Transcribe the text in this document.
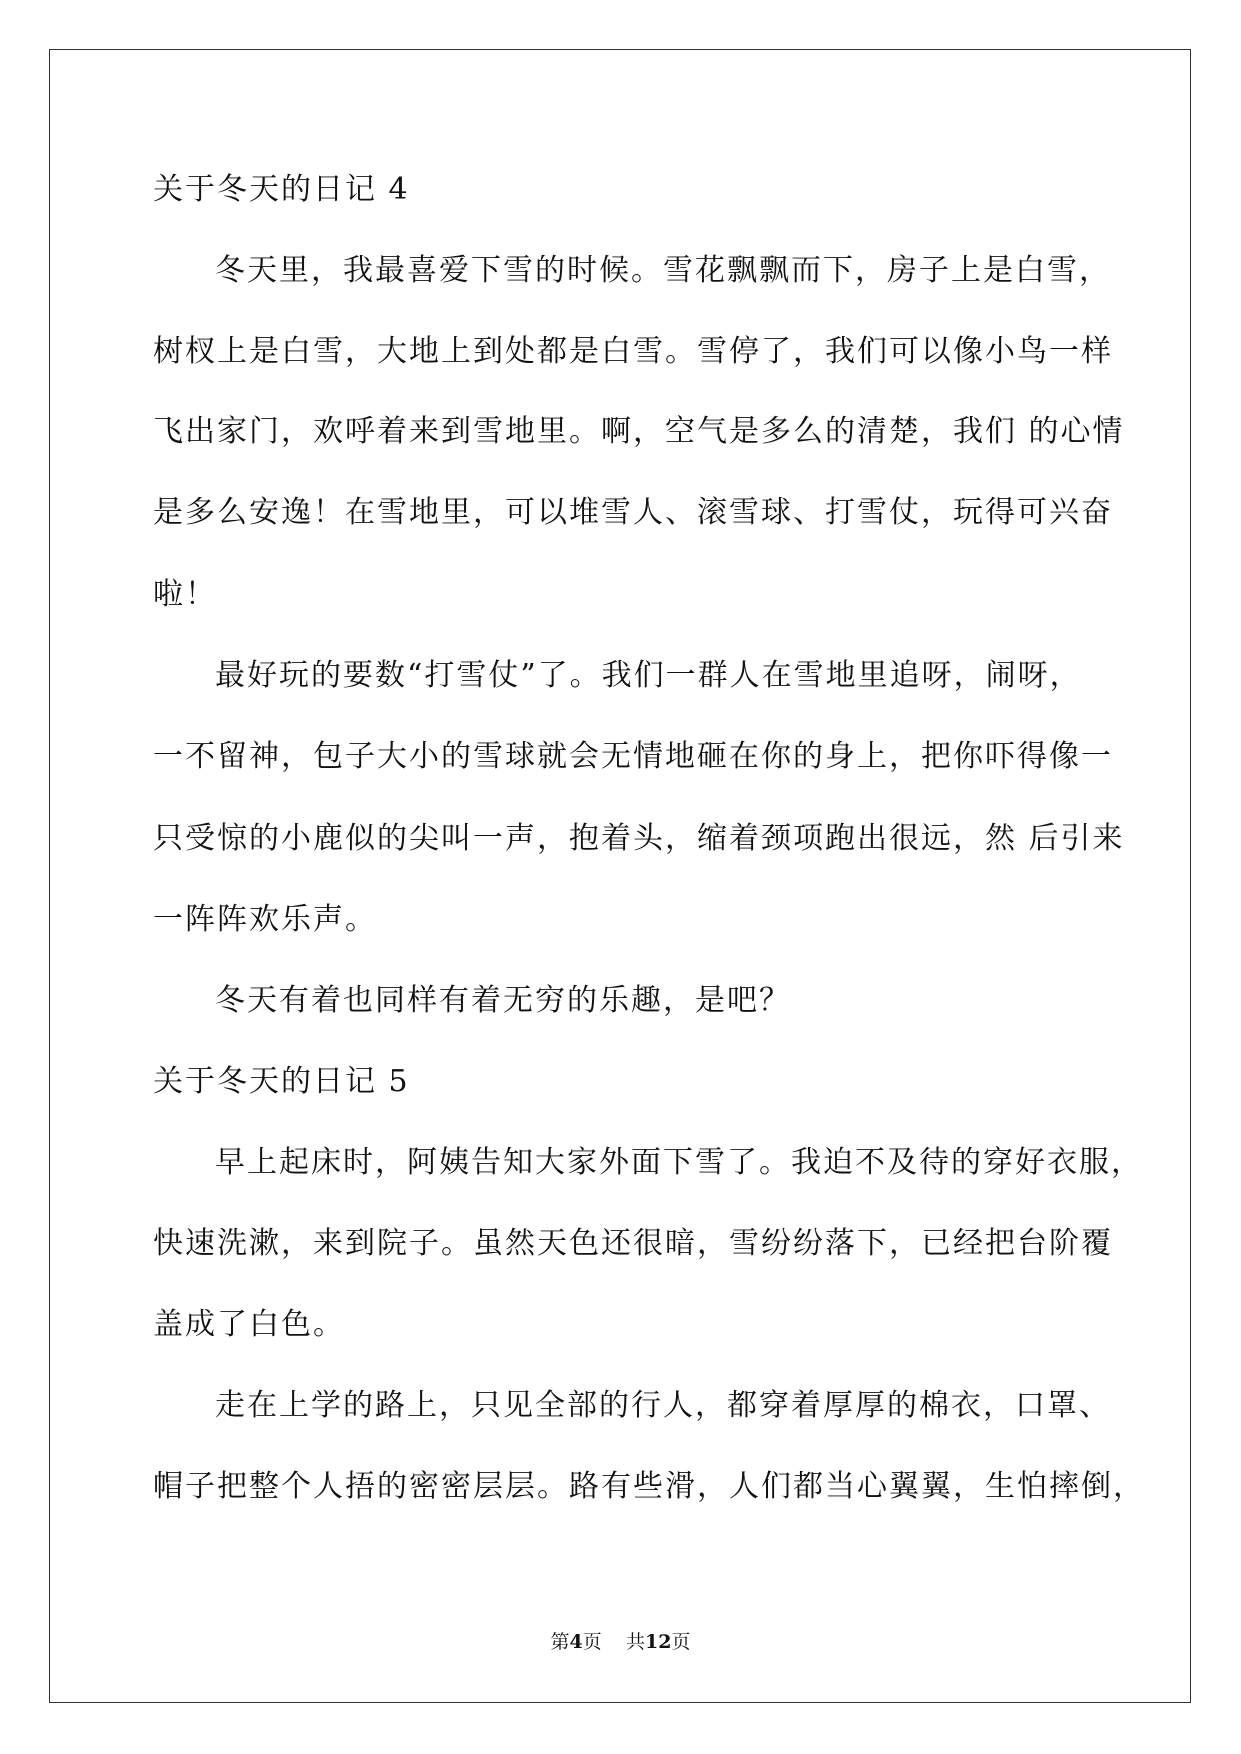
关于冬天的日记 4
冬天里，我最喜爱下雪的时候。雪花飘飘而下，房子上是白雪，
树杈上是白雪，大地上到处都是白雪。雪停了，我们可以像小鸟一样
飞出家门，欢呼着来到雪地里。啊，空气是多么的清楚，我们 的心情
是多么安逸！在雪地里，可以堆雪人、滚雪球、打雪仗，玩得可兴奋
啦！
最好玩的要数“打雪仗”了。我们一群人在雪地里追呀，闹呀，
一不留神，包子大小的雪球就会无情地砸在你的身上，把你吓得像一
只受惊的小鹿似的尖叫一声，抱着头，缩着颈项跑出很远，然 后引来
一阵阵欢乐声。
冬天有着也同样有着无穷的乐趣，是吧？
关于冬天的日记 5
早上起床时，阿姨告知大家外面下雪了。我迫不及待的穿好衣服，
快速洗漱，来到院子。虽然天色还很暗，雪纷纷落下，已经把台阶覆
盖成了白色。
走在上学的路上，只见全部的行人，都穿着厚厚的棉衣，口罩、
帽子把整个人捂的密密层层。路有些滑，人们都当心翼翼，生怕摔倒，
第4页 共12页
